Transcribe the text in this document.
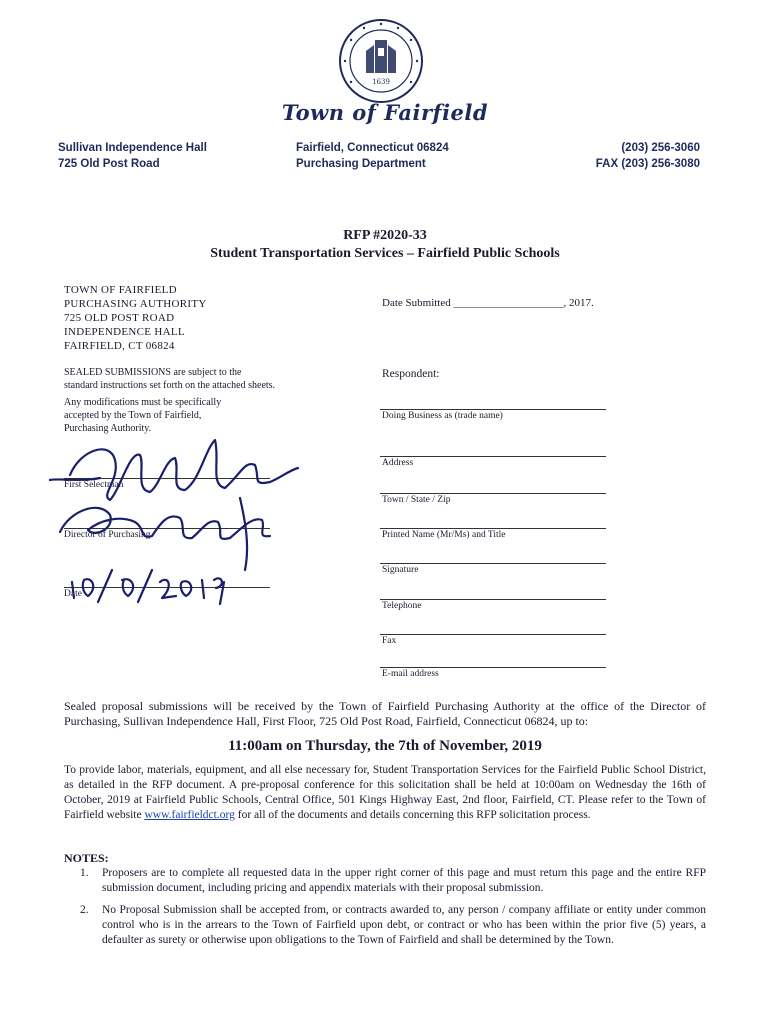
1639
Town of Fairfield
Sullivan Independence Hall
725 Old Post Road
Fairfield, Connecticut 06824
Purchasing Department
(203) 256-3060
FAX (203) 256-3080
RFP #2020-33
Student Transportation Services – Fairfield Public Schools
TOWN OF FAIRFIELD
PURCHASING AUTHORITY
725 OLD POST ROAD
INDEPENDENCE HALL
FAIRFIELD, CT 06824
SEALED SUBMISSIONS are subject to the
standard instructions set forth on the attached sheets.
Any modifications must be specifically
accepted by the Town of Fairfield,
Purchasing Authority.
First Selectman
Director of Purchasing
Date
Date Submitted ____________________, 2017.
Respondent:
Doing Business as (trade name)
Address
Town / State / Zip
Printed Name (Mr/Ms) and Title
Signature
Telephone
Fax
E-mail address
Sealed proposal submissions will be received by the Town of Fairfield Purchasing Authority at the office of the Director of Purchasing, Sullivan Independence Hall, First Floor, 725 Old Post Road, Fairfield, Connecticut 06824, up to:
11:00am on Thursday, the 7th of November, 2019
To provide labor, materials, equipment, and all else necessary for, Student Transportation Services for the Fairfield Public School District, as detailed in the RFP document. A pre-proposal conference for this solicitation shall be held at 10:00am on Wednesday the 16th of October, 2019 at Fairfield Public Schools, Central Office, 501 Kings Highway East, 2nd floor, Fairfield, CT. Please refer to the Town of Fairfield website www.fairfieldct.org for all of the documents and details concerning this RFP solicitation process.
NOTES:
1. Proposers are to complete all requested data in the upper right corner of this page and must return this page and the entire RFP submission document, including pricing and appendix materials with their proposal submission.
2. No Proposal Submission shall be accepted from, or contracts awarded to, any person / company affiliate or entity under common control who is in the arrears to the Town of Fairfield upon debt, or contract or who has been within the prior five (5) years, a defaulter as surety or otherwise upon obligations to the Town of Fairfield and shall be determined by the Town.
